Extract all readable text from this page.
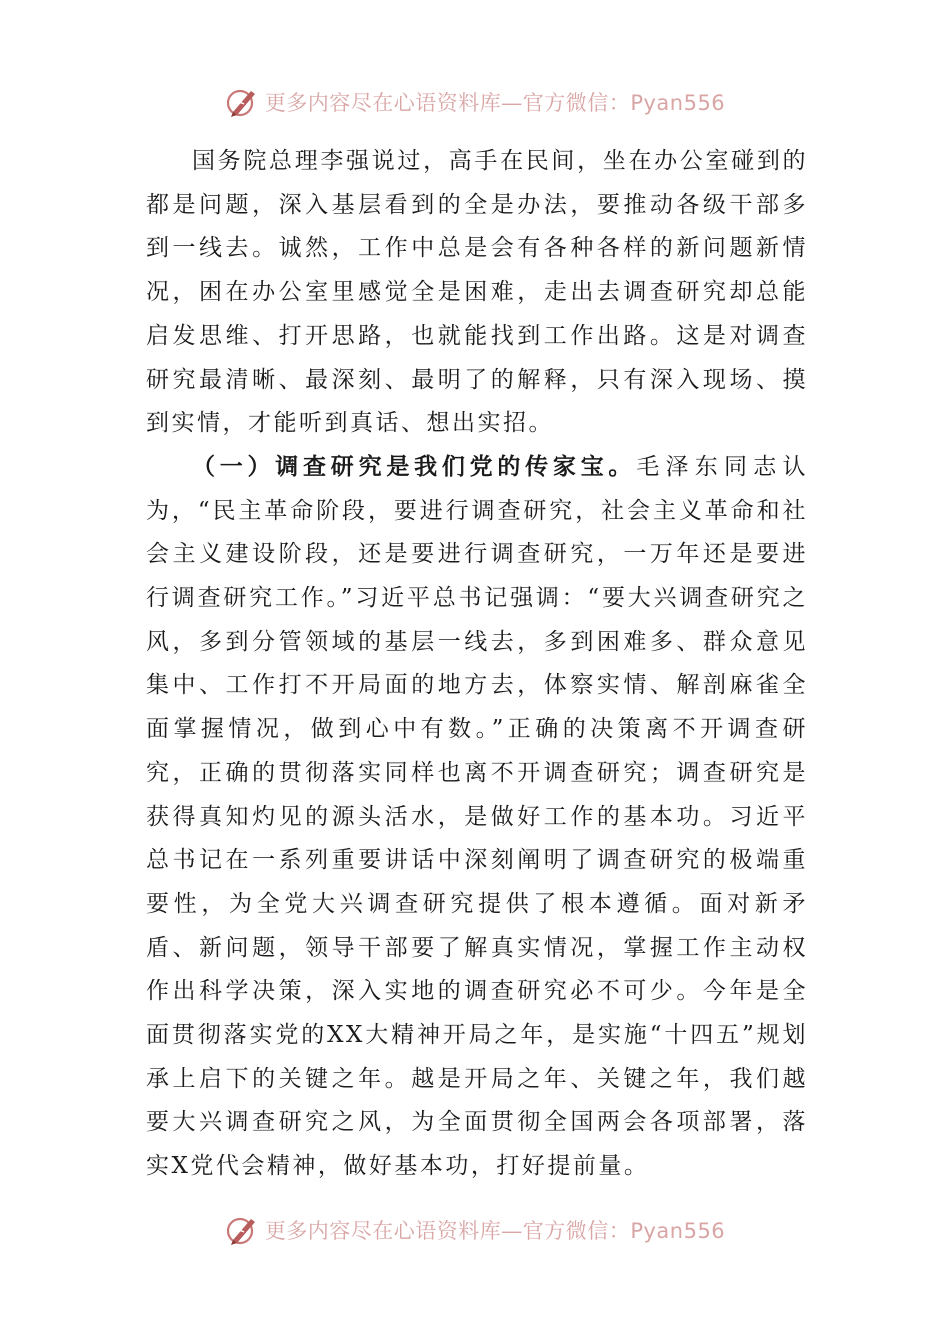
更多内容尽在心语资料库—官方微信：Pyan556

国务院总理李强说过，高手在民间，坐在办公室碰到的都是问题，深入基层看到的全是办法，要推动各级干部多到一线去。诚然，工作中总是会有各种各样的新问题新情况，困在办公室里感觉全是困难，走出去调查研究却总能启发思维、打开思路，也就能找到工作出路。这是对调查研究最清晰、最深刻、最明了的解释，只有深入现场、摸到实情，才能听到真话、想出实招。

（一）调查研究是我们党的传家宝。毛泽东同志认为，“民主革命阶段，要进行调查研究，社会主义革命和社会主义建设阶段，还是要进行调查研究，一万年还是要进行调查研究工作。”习近平总书记强调：“要大兴调查研究之风，多到分管领域的基层一线去，多到困难多、群众意见集中、工作打不开局面的地方去，体察实情、解剖麻雀全面掌握情况，做到心中有数。”正确的决策离不开调查研究，正确的贯彻落实同样也离不开调查研究；调查研究是获得真知灼见的源头活水，是做好工作的基本功。习近平总书记在一系列重要讲话中深刻阐明了调查研究的极端重要性，为全党大兴调查研究提供了根本遵循。面对新矛盾、新问题，领导干部要了解真实情况，掌握工作主动权作出科学决策，深入实地的调查研究必不可少。今年是全面贯彻落实党的XX大精神开局之年，是实施“十四五”规划承上启下的关键之年。越是开局之年、关键之年，我们越要大兴调查研究之风，为全面贯彻全国两会各项部署，落实X党代会精神，做好基本功，打好提前量。

更多内容尽在心语资料库—官方微信：Pyan556
